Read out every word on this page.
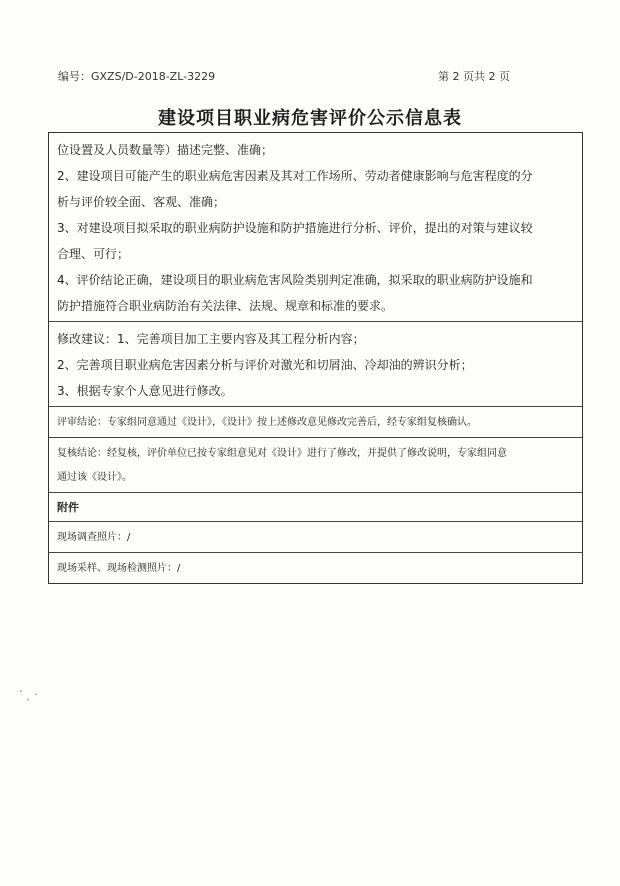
编号：GXZS/D-2018-ZL-3229	第 2 页共 2 页
建设项目职业病危害评价公示信息表
位设置及人员数量等）描述完整、准确；
2、建设项目可能产生的职业病危害因素及其对工作场所、劳动者健康影响与危害程度的分
析与评价较全面、客观、准确；
3、对建设项目拟采取的职业病防护设施和防护措施进行分析、评价，提出的对策与建议较
合理、可行；
4、评价结论正确，建设项目的职业病危害风险类别判定准确，拟采取的职业病防护设施和
防护措施符合职业病防治有关法律、法规、规章和标准的要求。
修改建议：1、完善项目加工主要内容及其工程分析内容；
2、完善项目职业病危害因素分析与评价对激光和切屑油、冷却油的辨识分析；
3、根据专家个人意见进行修改。
评审结论：专家组同意通过《设计》，《设计》按上述修改意见修改完善后，经专家组复核确认。
复核结论：经复核，评价单位已按专家组意见对《设计》进行了修改，并提供了修改说明，专家组同意
通过该《设计》。
附件
现场调查照片：/
现场采样、现场检测照片：/
ˊ ˎ ·
